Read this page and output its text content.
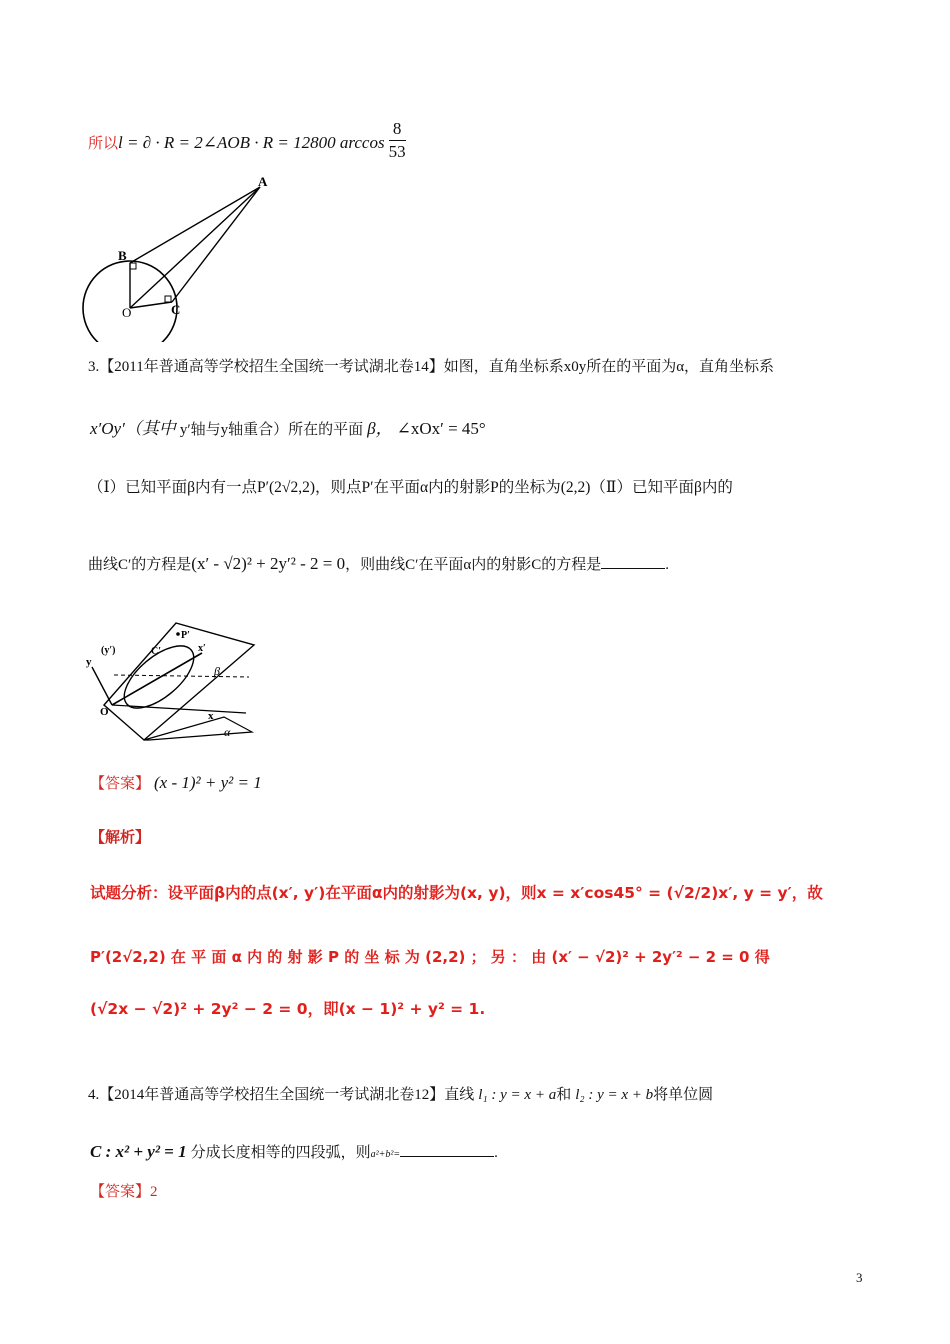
所以l = ∂ · R = 2∠AOB · R = 12800 $\arccos \frac{8}{53}$
A
B
O	C
3.【2011年普通高等学校招生全国统一考试湖北卷14】如图，直角坐标系x0y所在的平面为α，直角坐标系
x′Oy′（其中 y′轴与y轴重合）所在的平面 β， ∠xOx′ = 45°
（Ⅰ）已知平面β内有一点P′(2√2,2)，则点P′在平面α内的射影P的坐标为(2,2)（Ⅱ）已知平面β内的
曲线C′的方程是(x′ - √2)² + 2y′² - 2 = 0，则曲线C′在平面α内的射影C的方程是	.
y
(y′)
P′
C′	x′
β
O	x
α
【答案】 (x - 1)² + y² = 1
【解析】
试题分析：设平面β内的点(x′, y′)在平面α内的射影为(x, y)，则x = x′cos45° = (√2/2)x′, y = y′，故
P′(2√2,2) 在 平 面 α 内 的 射 影 P 的 坐 标 为 (2,2) ； 另 ： 由 (x′ − √2)² + 2y′² − 2 = 0 得
(√2x − √2)² + 2y² − 2 = 0，即(x − 1)² + y² = 1.
4.【2014年普通高等学校招生全国统一考试湖北卷12】直线 l₁ : y = x + a和 l₂ : y = x + b将单位圆
C : x² + y² = 1 分成长度相等的四段弧，则a²+b²=	.
【答案】2
3
